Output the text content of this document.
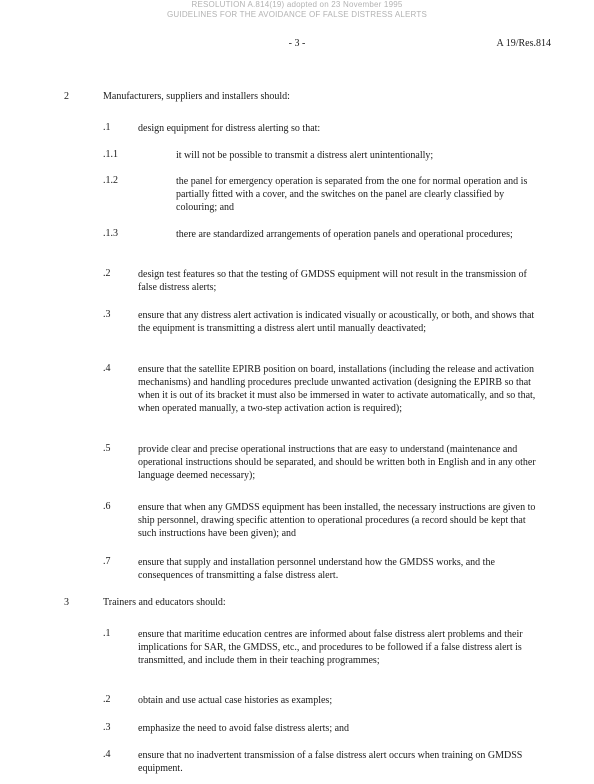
RESOLUTION A.814(19) adopted on 23 November 1995
GUIDELINES FOR THE AVOIDANCE OF FALSE DISTRESS ALERTS
- 3 -	A 19/Res.814
2	Manufacturers, suppliers and installers should:
.1	design equipment for distress alerting so that:
.1.1	it will not be possible to transmit a distress alert unintentionally;
.1.2	the panel for emergency operation is separated from the one for normal operation and is partially fitted with a cover, and the switches on the panel are clearly classified by colouring; and
.1.3	there are standardized arrangements of operation panels and operational procedures;
.2	design test features so that the testing of GMDSS equipment will not result in the transmission of false distress alerts;
.3	ensure that any distress alert activation is indicated visually or acoustically, or both, and shows that the equipment is transmitting a distress alert until manually deactivated;
.4	ensure that the satellite EPIRB position on board, installations (including the release and activation mechanisms) and handling procedures preclude unwanted activation (designing the EPIRB so that when it is out of its bracket it must also be immersed in water to activate automatically, and so that, when operated manually, a two-step activation action is required);
.5	provide clear and precise operational instructions that are easy to understand (maintenance and operational instructions should be separated, and should be written both in English and in any other language deemed necessary);
.6	ensure that when any GMDSS equipment has been installed, the necessary instructions are given to ship personnel, drawing specific attention to operational procedures (a record should be kept that such instructions have been given); and
.7	ensure that supply and installation personnel understand how the GMDSS works, and the consequences of transmitting a false distress alert.
3	Trainers and educators should:
.1	ensure that maritime education centres are informed about false distress alert problems and their implications for SAR, the GMDSS, etc., and procedures to be followed if a false distress alert is transmitted, and include them in their teaching programmes;
.2	obtain and use actual case histories as examples;
.3	emphasize the need to avoid false distress alerts; and
.4	ensure that no inadvertent transmission of a false distress alert occurs when training on GMDSS equipment.
